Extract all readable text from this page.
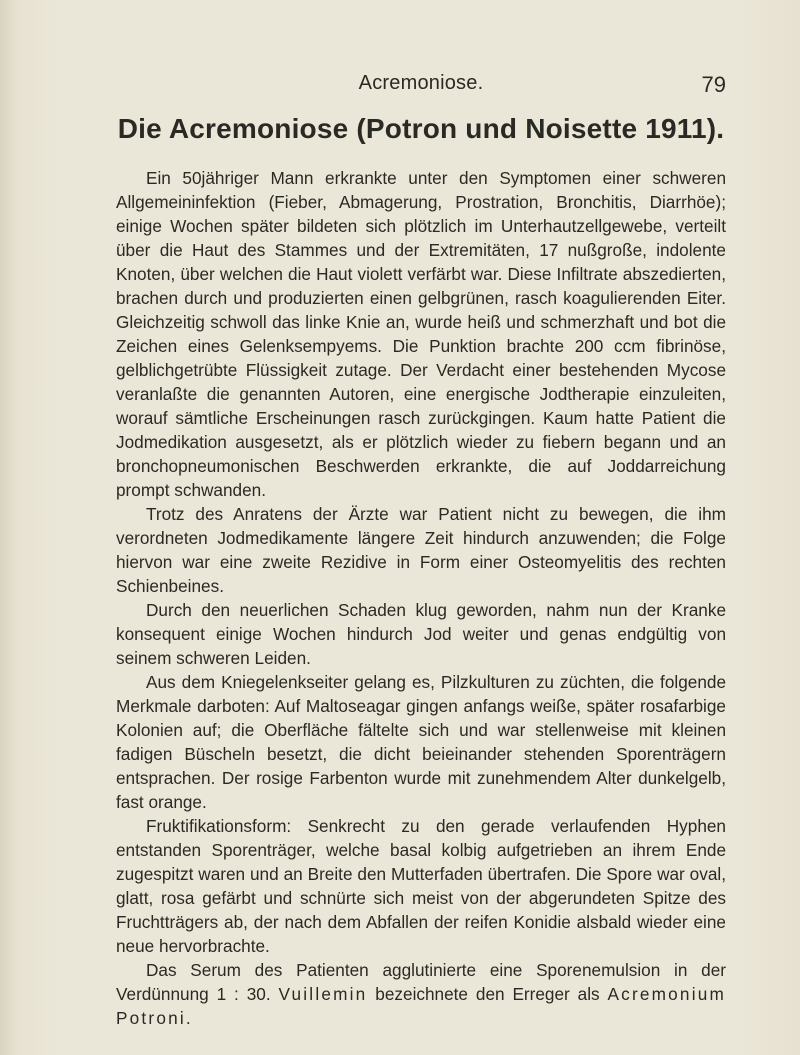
Acremoniose.	79
Die Acremoniose (Potron und Noisette 1911).

Ein 50jähriger Mann erkrankte unter den Symptomen einer schweren Allgemeininfektion (Fieber, Abmagerung, Prostration, Bronchitis, Diarrhöe); einige Wochen später bildeten sich plötzlich im Unterhautzellgewebe, verteilt über die Haut des Stammes und der Extremitäten, 17 nußgroße, indolente Knoten, über welchen die Haut violett verfärbt war. Diese Infiltrate abszedierten, brachen durch und produzierten einen gelbgrünen, rasch koagulierenden Eiter. Gleichzeitig schwoll das linke Knie an, wurde heiß und schmerzhaft und bot die Zeichen eines Gelenksempyems. Die Punktion brachte 200 ccm fibrinöse, gelblichgetrübte Flüssigkeit zutage. Der Verdacht einer bestehenden Mycose veranlaßte die genannten Autoren, eine energische Jodtherapie einzuleiten, worauf sämtliche Erscheinungen rasch zurückgingen. Kaum hatte Patient die Jodmedikation ausgesetzt, als er plötzlich wieder zu fiebern begann und an bronchopneumonischen Beschwerden erkrankte, die auf Joddarreichung prompt schwanden.

Trotz des Anratens der Ärzte war Patient nicht zu bewegen, die ihm verordneten Jodmedikamente längere Zeit hindurch anzuwenden; die Folge hiervon war eine zweite Rezidive in Form einer Osteomyelitis des rechten Schienbeines.

Durch den neuerlichen Schaden klug geworden, nahm nun der Kranke konsequent einige Wochen hindurch Jod weiter und genas endgültig von seinem schweren Leiden.

Aus dem Kniegelenkseiter gelang es, Pilzkulturen zu züchten, die folgende Merkmale darboten: Auf Maltoseagar gingen anfangs weiße, später rosafarbige Kolonien auf; die Oberfläche fältelte sich und war stellenweise mit kleinen fadigen Büscheln besetzt, die dicht beieinander stehenden Sporenträgern entsprachen. Der rosige Farbenton wurde mit zunehmendem Alter dunkelgelb, fast orange.

Fruktifikationsform: Senkrecht zu den gerade verlaufenden Hyphen entstanden Sporenträger, welche basal kolbig aufgetrieben an ihrem Ende zugespitzt waren und an Breite den Mutterfaden übertrafen. Die Spore war oval, glatt, rosa gefärbt und schnürte sich meist von der abgerundeten Spitze des Fruchtträgers ab, der nach dem Abfallen der reifen Konidie alsbald wieder eine neue hervorbrachte.

Das Serum des Patienten agglutinierte eine Sporenemulsion in der Verdünnung 1 : 30. Vuillemin bezeichnete den Erreger als Acremonium Potroni.
